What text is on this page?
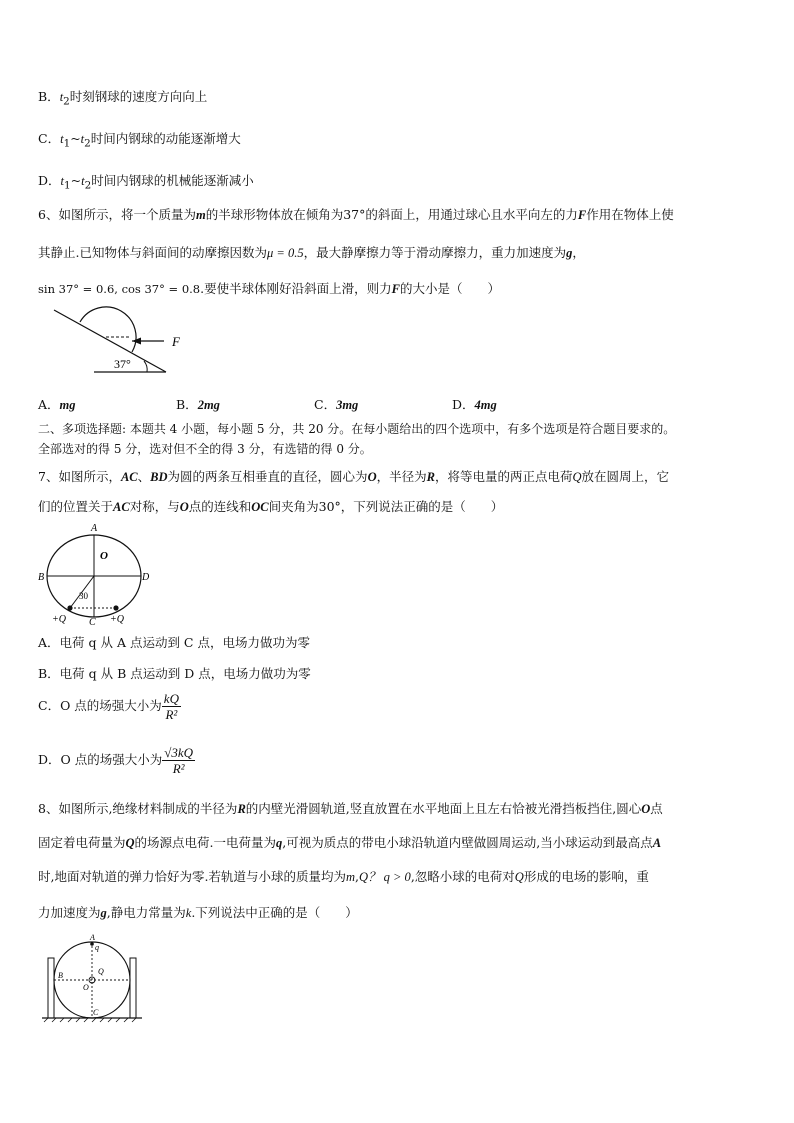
B．$t_2$时刻钢球的速度方向向上
C．$t_1\sim t_2$时间内钢球的动能逐渐增大
D．$t_1\sim t_2$时间内钢球的机械能逐渐减小
6、如图所示，将一个质量为m的半球形物体放在倾角为37°的斜面上，用通过球心且水平向左的力F作用在物体上使
其静止.已知物体与斜面间的动摩擦因数为μ = 0.5，最大静摩擦力等于滑动摩擦力，重力加速度为g，
sin 37° = 0.6, cos 37° = 0.8.要使半球体刚好沿斜面上滑，则力F的大小是（　　）
F
37°
A．mg	B．2mg	C．3mg	D．4mg
二、多项选择题: 本题共 4 小题，每小题 5 分，共 20 分。在每小题给出的四个选项中，有多个选项是符合题目要求的。
全部选对的得 5 分，选对但不全的得 3 分，有选错的得 0 分。
7、如图所示，AC、BD为圆的两条互相垂直的直径，圆心为O，半径为R，将等电量的两正点电荷Q放在圆周上，它
们的位置关于AC对称，与O点的连线和OC间夹角为30°，下列说法正确的是（　　）
A
O
B	D
30
C
+Q	+Q
A．电荷 q 从 A 点运动到 C 点，电场力做功为零
B．电荷 q 从 B 点运动到 D 点，电场力做功为零
C．O 点的场强大小为 $\frac{kQ}{\text{R²}}$
D．O 点的场强大小为 $\frac{√3kQ}{\text{R²}}$
8、如图所示,绝缘材料制成的半径为R的内壁光滑圆轨道,竖直放置在水平地面上且左右恰被光滑挡板挡住,圆心O点
固定着电荷量为Q的场源点电荷.一电荷量为q,可视为质点的带电小球沿轨道内壁做圆周运动,当小球运动到最高点A
时,地面对轨道的弹力恰好为零.若轨道与小球的质量均为m,Q？ q > 0,忽略小球的电荷对Q形成的电场的影响，重
力加速度为g,静电力常量为k.下列说法中正确的是（　　）
A
q
B	Q
O
C
